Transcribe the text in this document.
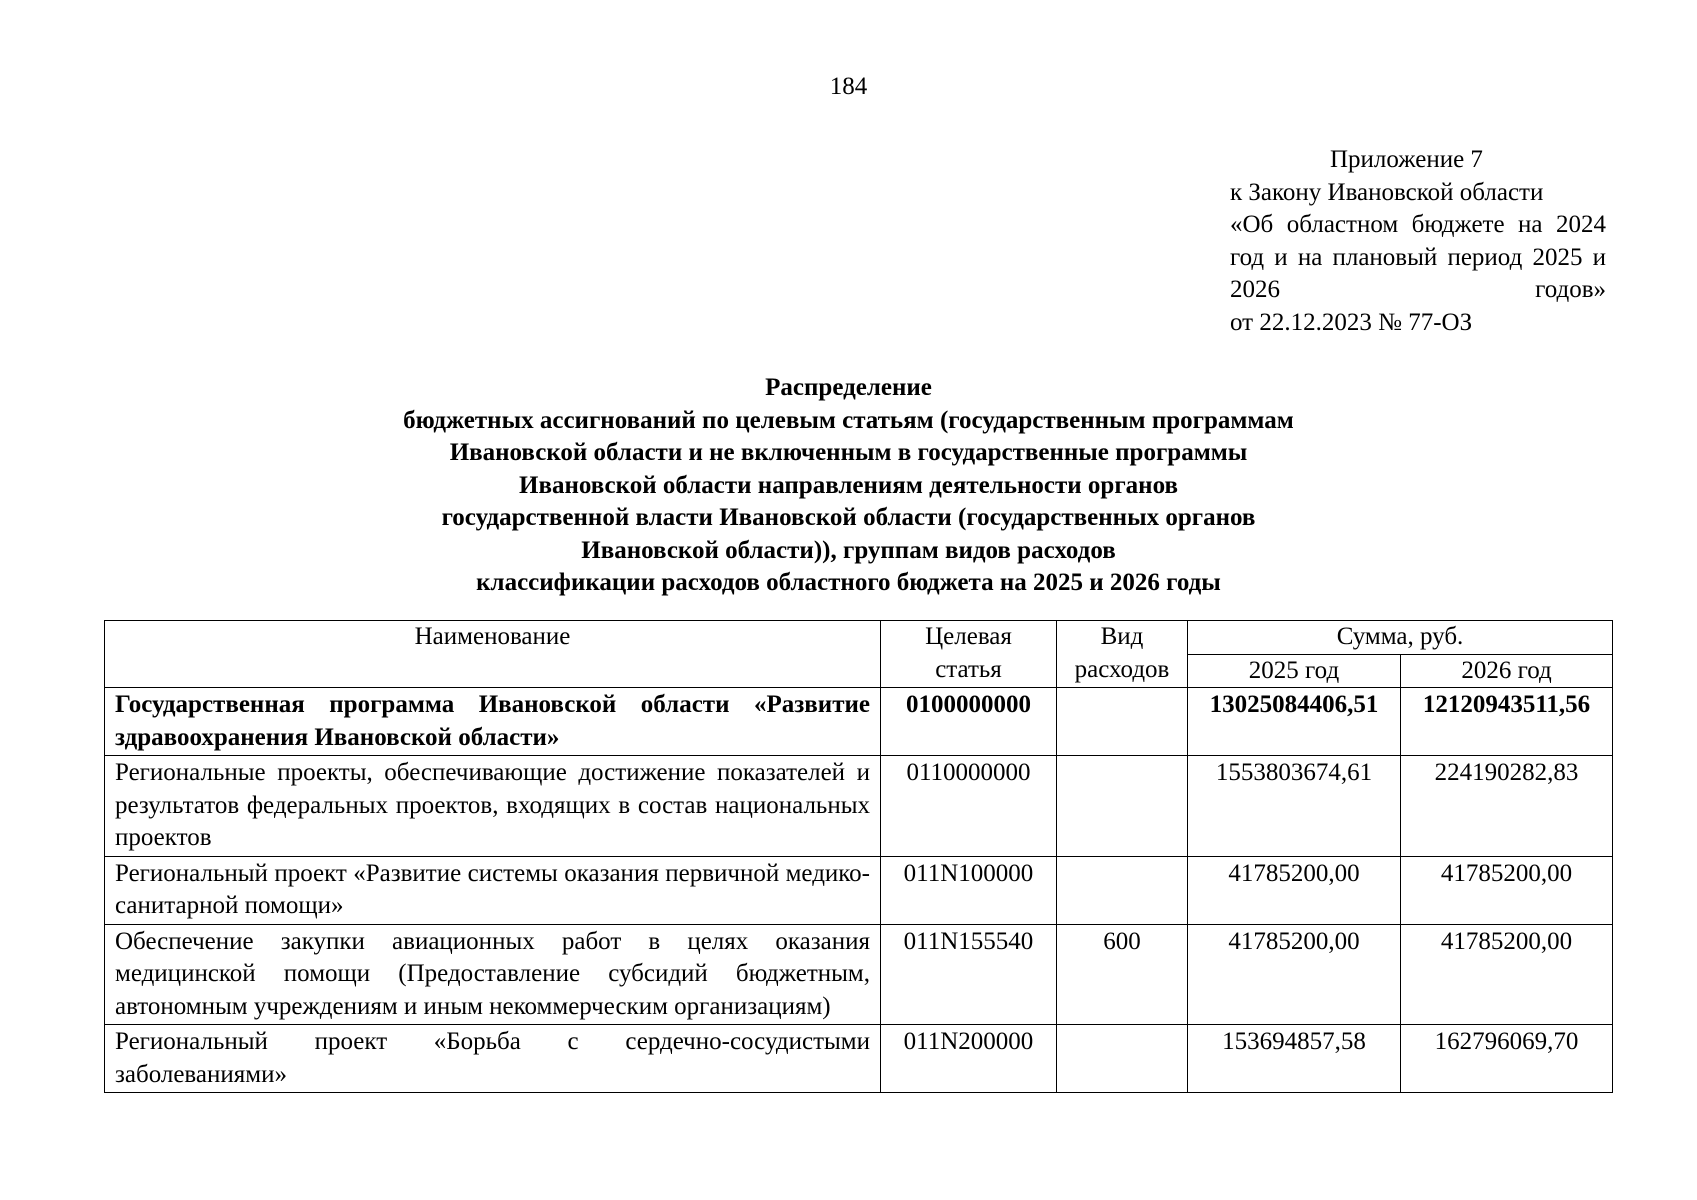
184
Приложение 7
к Закону Ивановской области
«Об областном бюджете на 2024 год и на плановый период 2025 и 2026 годов»
от 22.12.2023 № 77-ОЗ
Распределение
бюджетных ассигнований по целевым статьям (государственным программам
Ивановской области и не включенным в государственные программы
Ивановской области направлениям деятельности органов
государственной власти Ивановской области (государственных органов
Ивановской области)), группам видов расходов
классификации расходов областного бюджета на 2025 и 2026 годы
Наименование	Целевая статья	Вид расходов	Сумма, руб.	
			2025 год	2026 год
Государственная программа Ивановской области «Развитие здравоохранения Ивановской области»	0100000000		13025084406,51	12120943511,56
Региональные проекты, обеспечивающие достижение показателей и результатов федеральных проектов, входящих в состав национальных проектов	0110000000		1553803674,61	224190282,83
Региональный проект «Развитие системы оказания первичной медико-санитарной помощи»	011N100000		41785200,00	41785200,00
Обеспечение закупки авиационных работ в целях оказания медицинской помощи (Предоставление субсидий бюджетным, автономным учреждениям и иным некоммерческим организациям)	011N155540	600	41785200,00	41785200,00
Региональный проект «Борьба с сердечно-сосудистыми заболеваниями»	011N200000		153694857,58	162796069,70
